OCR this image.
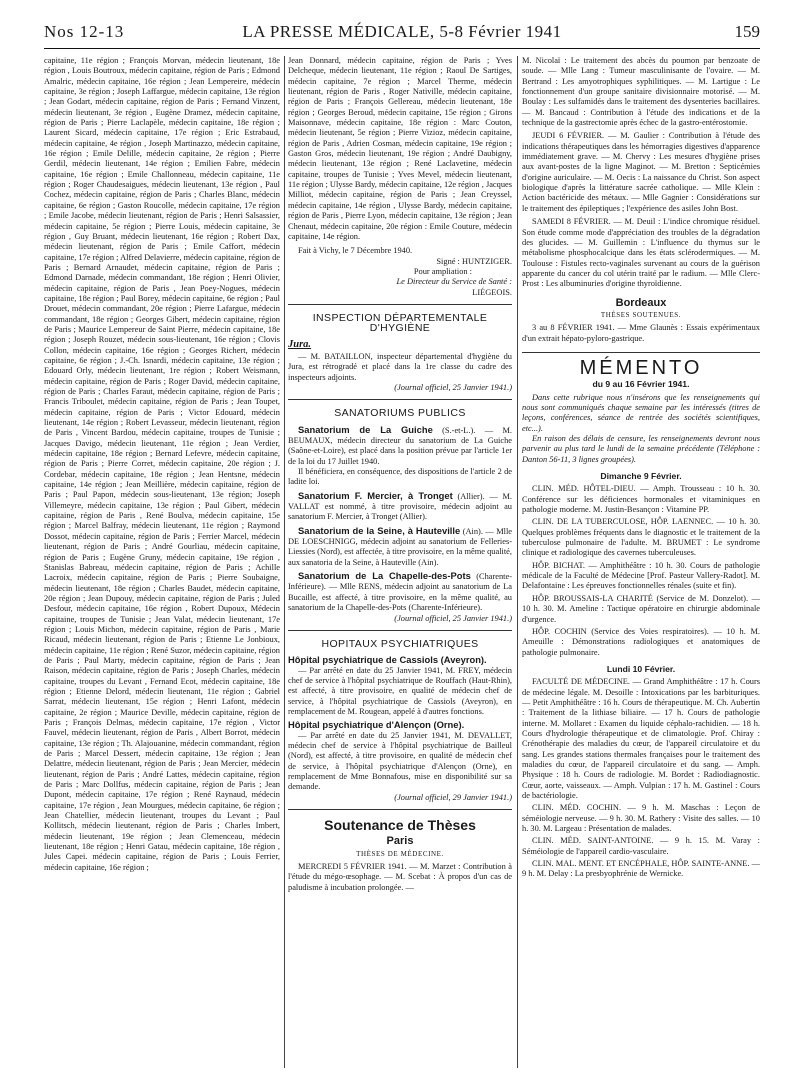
Nos 12-13	LA PRESSE MÉDICALE, 5-8 Février 1941	159

capitaine, 11e région ; François Morvan, médecin lieutenant, 18e région , Louis Boutroux, médecin capitaine, région de Paris ; Edmond Amalric, médecin capitaine, 16e région ; Jean Lempereire, médecin capitaine, 3e région ; Joseph Laffargue, médecin capitaine, 13e région ; Jean Godart, médecin capitaine, région de Paris ; Fernand Vinzent, médecin lieutenant, 3e région , Eugène Dramez, médecin capitaine, région de Paris ; Pierre Laclapèle, médecin capitaine, 18e région ; Laurent Sicard, médecin capitaine, 17e région ; Eric Estrabaud, médecin capitaine, 4e région , Joseph Martinazzo, médecin capitaine, 16e région ; Emile Delille, médecin capitaine, 2e région ; Pierre Gerdil, médecin lieutenant, 14e région ; Emilien Fabre, médecin capitaine, 16e région ; Emile Challonneau, médecin capitaine, 11e région ; Roger Chaudesaigues, médecin lieutenant, 13e région , Paul Cochez, médecin capitaine, région de Paris ; Charles Blanc, médecin capitaine, 6e région ; Gaston Roucolle, médecin capitaine, 17e région ; Emile Jacobe, médecin lieutenant, région de Paris ; Henri Salsassier, médecin capitaine, 5e région ; Pierre Louis, médecin capitaine, 3e région , Guy Bruant, médecin lieutenant, 16e région ; Robert Dax, médecin lieutenant, région de Paris ; Emile Caffort, médecin capitaine, 17e région ; Alfred Delavierre, médecin capitaine, région de Paris ; Bernard Arnaudet, médecin capitaine, région de Paris ; Edmond Darnade, médecin commandant, 18e région ; Henri Olivier, médecin capitaine, région de Paris , Jean Poey-Nogues, médecin capitaine, 18e région ; Paul Borey, médecin capitaine, 6e région ; Paul Drouet, médecin commandant, 20e région ; Pierre Lafargue, médecin commandant, 18e région ; Georges Gibert, médecin capitaine, région de Paris ; Maurice Lempereur de Saint Pierre, médecin capitaine, 18e région ; Joseph Rouzet, médecin sous-lieutenant, 16e région ; Clovis Collon, médecin capitaine, 16e région ; Georges Richert, médecin capitaine, 6e région ; J.-Ch. Isnardi, médecin capitaine, 13e région ; Edouard Orly, médecin lieutenant, 1re région ; Robert Weismann, médecin capitaine, région de Paris ; Roger David, médecin capitaine, région de Paris ; Charles Faraut, médecin capitaine, région de Paris ; Francis Triboulet, médecin capitaine, région de Paris ; Jean Toupet, médecin capitaine, région de Paris ; Victor Edouard, médecin lieutenant, 14e région ; Robert Levasseur, médecin lieutenant, région de Paris , Vincent Bardou, médecin capitaine, troupes de Tunisie ; Jacques Davigo, médecin lieutenant, 11e région ; Jean Verdier, médecin capitaine, 18e région ; Bernard Lefevre, médecin capitaine, région de Paris ; Pierre Corret, médecin capitaine, 20e région ; J. Cordebar, médecin capitaine, 18e région ; Jean Hentsne, médecin capitaine, 14e région ; Jean Meillière, médecin capitaine, région de Paris ; Paul Papon, médecin sous-lieutenant, 13e région; Joseph Villemeyre, médecin capitaine, 13e région ; Paul Gibert, médecin capitaine, région de Paris , René Boulva, médecin capitaine, 15e région ; Marcel Balfray, médecin lieutenant, 11e région ; Raymond Dossot, médecin capitaine, région de Paris ; Ferrier Marcel, médecin lieutenant, région de Paris ; André Gourliau, médecin capitaine, région de Paris ; Eugène Gruny, médecin capitaine, 19e région , Stanislas Babreau, médecin capitaine, région de Paris ; Achille Lacroix, médecin capitaine, région de Paris ; Pierre Soubaigne, médecin lieutenant, 18e région ; Charles Baudet, médecin capitaine, 20e région ; Jean Dupouy, médecin capitaine, région de Paris ; Juled Desfour, médecin capitaine, 16e région , Robert Dupoux, Médecin capitaine, troupes de Tunisie ; Jean Valat, médecin lieutenant, 17e région ; Louis Michon, médecin capitaine, région de Paris , Marie Ricaud, médecin lieutenant, région de Paris ; Etienne Le Jonbioux, médecin capitaine, 11e région ; René Suzor, médecin capitaine, région de Paris ; Paul Marty, médecin capitaine, région de Paris ; Jean Raison, médecin capitaine, région de Paris ; Joseph Charles, médecin capitaine, troupes du Levant , Fernand Ecot, médecin capitaine, 18e région ; Etienne Delord, médecin lieutenant, 11e région ; Gabriel Sarrat, médecin lieutenant, 15e région ; Henri Lafont, médecin capitaine, 2e région ; Maurice Deville, médecin capitaine, région de Paris ; François Delmas, médecin capitaine, 17e région , Victor Fauvel, médecin lieutenant, région de Paris , Albert Borrot, médecin capitaine, 13e région ; Th. Alajouanine, médecin commandant, région de Paris ; Marcel Dessert, médecin capitaine, 13e région ; Jean Delattre, médecin lieutenant, région de Paris ; Jean Mercier, médecin lieutenant, région de Paris ; André Lattes, médecin capitaine, région de Paris ; Marc Dollfus, médecin capitaine, région de Paris ; Jean Dupont, médecin capitaine, 17e région ; René Raynaud, médecin capitaine, 17e région , Jean Mourgues, médecin capitaine, 6e région ; Jean Chatellier, médecin lieutenant, troupes du Levant ; Paul Kollitsch, médecin lieutenant, région de Paris ; Charles Imbert, médecin lieutenant, 19e région ; Jean Clemenceau, médecin lieutenant, 18e région ; Henri Gatau, médecin capitaine, 18e région , Jules Capei. médecin capitaine, région de Paris ; Louis Ferrier, médecin capitaine, 16e région ;

Jean Donnard, médecin capitaine, région de Paris ; Yves Delcheque, médecin lieutenant, 11e région ; Raoul De Sartiges, médecin capitaine, 7e région ; Marcel Therme, médecin lieutenant, région de Paris , Roger Nativille, médecin capitaine, région de Paris ; François Gellereau, médecin lieutenant, 18e région ; Georges Beroud, médecin capitaine, 15e région ; Girons Maisonnave, médecin capitaine, 18e région : Marc Couton, médecin lieutenant, 5e région ; Pierre Vizioz, médecin capitaine, région de Paris , Adrien Cosman, médecin capitaine, 19e région ; Gaston Gros, médecin lieutenant, 19e région ; André Daubigny, médecin lieutenant, 13e région ; René Laclavetine, médecin capitaine, troupes de Tunisie ; Yves Mevel, médecin lieutenant, 11e région ; Ulysse Bardy, médecin capitaine, 12e région , Jacques Milliot, médecin capitaine, région de Paris ; Jean Creyssel, médecin capitaine, 14e région , Ulysse Bardy, médecin capitaine, région de Paris , Pierre Lyon, médecin capitaine, 13e région ; Jean Chenaut, médecin capitaine, 20e région : Emile Couture, médecin capitaine, 14e région.

Fait à Vichy, le 7 Décembre 1940.

Signé : HUNTZIGER.

Pour ampliation :

Le Directeur du Service de Santé :

LIÉGEOIS.

INSPECTION DÉPARTEMENTALE D'HYGIÈNE
Jura.

— M. BATAILLON, inspecteur départemental d'hygiène du Jura, est rétrogradé et placé dans la 1re classe du cadre des inspecteurs adjoints.

(Journal officiel, 25 Janvier 1941.)

SANATORIUMS PUBLICS

Sanatorium de La Guiche (S.-et-L.). — M. BEUMAUX, médecin directeur du sanatorium de La Guiche (Saône-et-Loire), est placé dans la position prévue par l'article 1er de la loi du 17 Juillet 1940.

Il bénéficiera, en conséquence, des dispositions de l'article 2 de ladite loi.

Sanatorium F. Mercier, à Tronget (Allier). — M. VALLAT est nommé, à titre provisoire, médecin adjoint au sanatorium F. Mercier, à Tronget (Allier).

Sanatorium de la Seine, à Hauteville (Ain). — Mlle DE LOESCHNIGG, médecin adjoint au sanatorium de Felleries-Liessies (Nord), est affectée, à titre provisoire, en la même qualité, aux sanatoria de la Seine, à Hauteville (Ain).

Sanatorium de La Chapelle-des-Pots (Charente-Inférieure). — Mlle RENS, médecin adjoint au sanatorium de La Bucaille, est affecté, à titre provisoire, en la même qualité, au sanatorium de la Chapelle-des-Pots (Charente-Inférieure).

(Journal officiel, 25 Janvier 1941.)

HOPITAUX PSYCHIATRIQUES

Hôpital psychiatrique de Cassiols (Aveyron).

— Par arrêté en date du 25 Janvier 1941, M. FREY, médecin chef de service à l'hôpital psychiatrique de Rouffach (Haut-Rhin), est affecté, à titre provisoire, en qualité de médecin chef de service, à l'hôpital psychiatrique de Cassiols (Aveyron), en remplacement de M. Rougean, appelé à d'autres fonctions.

Hôpital psychiatrique d'Alençon (Orne).

— Par arrêté en date du 25 Janvier 1941, M. DEVALLET, médecin chef de service à l'hôpital psychiatrique de Bailleul (Nord), est affecté, à titre provisoire, en qualité de médecin chef de service, à l'hôpital psychiatrique d'Alençon (Orne), en remplacement de Mme Bonnafous, mise en disponibilité sur sa demande.

(Journal officiel, 29 Janvier 1941.)

Soutenance de Thèses
Paris
THÈSES DE MÉDECINE.

MERCREDI 5 FÉVRIER 1941. — M. Marzet : Contribution à l'étude du mégo-œsophage. — M. Scebat : À propos d'un cas de paludisme à incubation prolongée. —

M. Nicolaï : Le traitement des abcès du poumon par benzoate de soude. — Mlle Lang : Tumeur masculinisante de l'ovaire. — M. Bertrand : Les amyotrophiques syphilitiques. — M. Lartigue : Le fonctionnement d'un groupe sanitaire divisionnaire motorisé. — M. Boulay : Les sulfamidés dans le traitement des dysenteries bacillaires. — M. Bancaud : Contribution à l'étude des indications et de la technique de la gastrectomie après échec de la gastro-entérostomie.

JEUDI 6 FÉVRIER. — M. Gaulier : Contribution à l'étude des indications thérapeutiques dans les hémorragies digestives d'apparence immédiatement grave. — M. Chervy : Les mesures d'hygiène prises aux avant-postes de la ligne Maginot. — M. Bretton : Septicémies d'origine auriculaire. — M. Oecis : La naissance du Christ. Son aspect biologique d'après la littérature sacrée catholique. — Mlle Klein : Action bactéricide des métaux. — Mlle Gagnier : Considérations sur le traitement des épileptiques ; l'expérience des asiles John Bost.

SAMEDI 8 FÉVRIER. — M. Deuil : L'indice chromique résiduel. Son étude comme mode d'appréciation des troubles de la dégradation des glucides. — M. Guillemin : L'influence du thymus sur le métabolisme phosphocalcique dans les états sclérodermiques. — M. Toulouse : Fistules recto-vaginales survenant au cours de la guérison apparente du cancer du col utérin traité par le radium. — Mlle Clerc-Prost : Les albuminuries d'origine thyroïdienne.

Bordeaux
THÈSES SOUTENUES.

3 au 8 FÉVRIER 1941. — Mme Glaunès : Essais expérimentaux d'un extrait hépato-pyloro-gastrique.

MÉMENTO
du 9 au 16 Février 1941.

Dans cette rubrique nous n'insérons que les renseignements qui nous sont communiqués chaque semaine par les intéressés (titres de leçons, conférences, séance de rentrée des sociétés scientifiques, etc...).

En raison des délais de censure, les renseignements devront nous parvenir au plus tard le lundi de la semaine précédente (Téléphone : Danton 56-11, 3 lignes groupées).

Dimanche 9 Février.

CLIN. MÉD. HÔTEL-DIEU. — Amph. Trousseau : 10 h. 30. Conférence sur les déficiences hormonales et vitaminiques en pathologie moderne. M. Justin-Besançon : Vitamine PP.

CLIN. DE LA TUBERCULOSE, HÔP. LAENNEC. — 10 h. 30. Quelques problèmes fréquents dans le diagnostic et le traitement de la tuberculose pulmonaire de l'adulte. M. BRUMET : Le syndrome clinique et radiologique des cavernes tuberculeuses.

HÔP. BICHAT. — Amphithéâtre : 10 h. 30. Cours de pathologie médicale de la Faculté de Médecine [Prof. Pasteur Vallery-Radot]. M. Delafontaine : Les épreuves fonctionnelles rénales (suite et fin).

HÔP. BROUSSAIS-LA CHARITÉ (Service de M. Donzelot). — 10 h. 30. M. Ameline : Tactique opératoire en chirurgie abdominale d'urgence.

HÔP. COCHIN (Service des Voies respiratoires). — 10 h. M. Ameuille : Démonstrations radiologiques et anatomiques de pathologie pulmonaire.

Lundi 10 Février.

FACULTÉ DE MÉDECINE. — Grand Amphithéâtre : 17 h. Cours de médecine légale. M. Desoille : Intoxications par les barbituriques. — Petit Amphithéâtre : 16 h. Cours de thérapeutique. M. Ch. Aubertin : Traitement de la lithiase biliaire. — 17 h. Cours de pathologie interne. M. Mollaret : Examen du liquide céphalo-rachidien. — 18 h. Cours d'hydrologie thérapeutique et de climatologie. Prof. Chiray : Crénothérapie des maladies du cœur, de l'appareil circulatoire et du sang. Les grandes stations thermales françaises pour le traitement des maladies du cœur, de l'appareil circulatoire et du sang. — Amph. Physique : 18 h. Cours de radiologie. M. Bordet : Radiodiagnostic. Cœur, aorte, vaisseaux. — Amph. Vulpian : 17 h. M. Gastinel : Cours de bactériologie.

CLIN. MÉD. COCHIN. — 9 h. M. Maschas : Leçon de séméiologie nerveuse. — 9 h. 30. M. Rathery : Visite des salles. — 10 h. 30. M. Largeau : Présentation de malades.

CLIN. MÉD. SAINT-ANTOINE. — 9 h. 15. M. Varay : Séméiologie de l'appareil cardio-vasculaire.

CLIN. MAL. MENT. ET ENCÉPHALE, HÔP. SAINTE-ANNE. — 9 h. M. Delay : La presbyophrénie de Wernicke.
